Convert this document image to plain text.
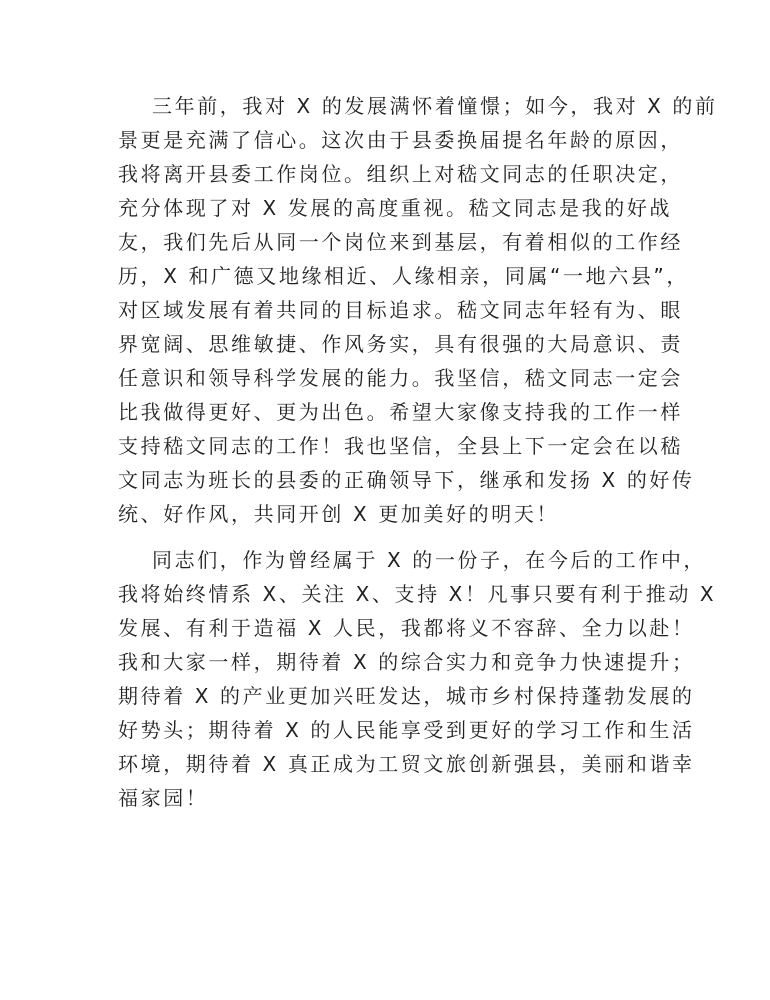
三年前，我对 X 的发展满怀着憧憬；如今，我对 X 的前

景更是充满了信心。这次由于县委换届提名年龄的原因，

我将离开县委工作岗位。组织上对嵇文同志的任职决定，

充分体现了对 X 发展的高度重视。嵇文同志是我的好战

友，我们先后从同一个岗位来到基层，有着相似的工作经

历，X 和广德又地缘相近、人缘相亲，同属“一地六县”，

对区域发展有着共同的目标追求。嵇文同志年轻有为、眼

界宽阔、思维敏捷、作风务实，具有很强的大局意识、责

任意识和领导科学发展的能力。我坚信，嵇文同志一定会

比我做得更好、更为出色。希望大家像支持我的工作一样

支持嵇文同志的工作！我也坚信，全县上下一定会在以嵇

文同志为班长的县委的正确领导下，继承和发扬 X 的好传

统、好作风，共同开创 X 更加美好的明天！

同志们，作为曾经属于 X 的一份子，在今后的工作中，

我将始终情系 X、关注 X、支持 X！凡事只要有利于推动 X

发展、有利于造福 X 人民，我都将义不容辞、全力以赴！

我和大家一样，期待着 X 的综合实力和竞争力快速提升；

期待着 X 的产业更加兴旺发达，城市乡村保持蓬勃发展的

好势头；期待着 X 的人民能享受到更好的学习工作和生活

环境，期待着 X 真正成为工贸文旅创新强县，美丽和谐幸

福家园！
